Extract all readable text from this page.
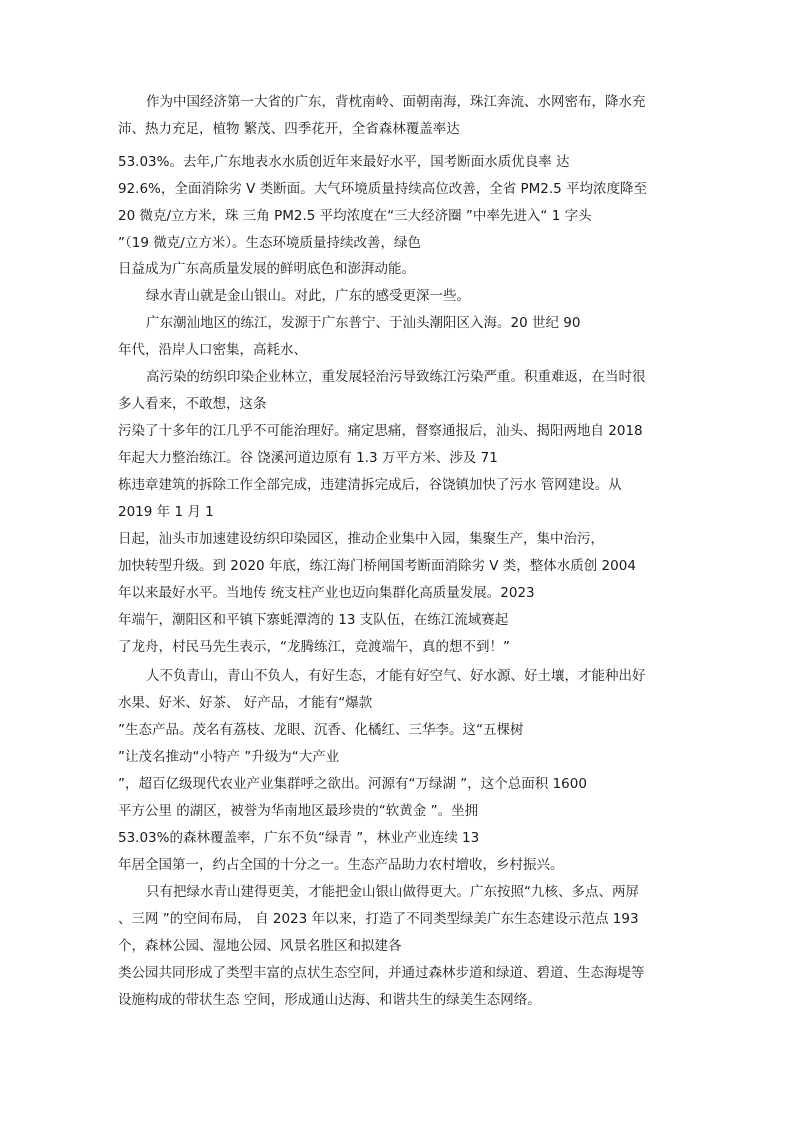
作为中国经济第一大省的广东，背枕南岭、面朝南海，珠江奔流、水网密布，降水充

沛、热力充足，植物 繁茂、四季花开，全省森林覆盖率达

53.03%。去年,广东地表水水质创近年来最好水平，国考断面水质优良率 达

92.6%，全面消除劣 V 类断面。大气环境质量持续高位改善，全省 PM2.5 平均浓度降至

20 微克/立方米，珠 三角 PM2.5 平均浓度在“三大经济圈 ”中率先进入“ 1 字头

”（19 微克/立方米）。生态环境质量持续改善，绿色

日益成为广东高质量发展的鲜明底色和澎湃动能。

绿水青山就是金山银山。对此，广东的感受更深一些。

广东潮汕地区的练江，发源于广东普宁、于汕头潮阳区入海。20 世纪 90

年代，沿岸人口密集，高耗水、

高污染的纺织印染企业林立，重发展轻治污导致练江污染严重。积重难返，在当时很

多人看来，不敢想，这条

污染了十多年的江几乎不可能治理好。痛定思痛，督察通报后，汕头、揭阳两地自 2018

年起大力整治练江。谷 饶溪河道边原有 1.3 万平方米、涉及 71

栋违章建筑的拆除工作全部完成，违建清拆完成后，谷饶镇加快了污水 管网建设。从

2019 年 1 月 1

日起，汕头市加速建设纺织印染园区，推动企业集中入园，集聚生产，集中治污，

加快转型升级。到 2020 年底，练江海门桥闸国考断面消除劣 V 类，整体水质创 2004

年以来最好水平。当地传 统支柱产业也迈向集群化高质量发展。2023

年端午，潮阳区和平镇下寨蚝潭湾的 13 支队伍，在练江流域赛起

了龙舟，村民马先生表示，“龙腾练江，竞渡端午，真的想不到！”

人不负青山，青山不负人，有好生态，才能有好空气、好水源、好土壤，才能种出好

水果、好米、好茶、 好产品，才能有“爆款

”生态产品。茂名有荔枝、龙眼、沉香、化橘红、三华李。这“五棵树

”让茂名推动“小特产 ”升级为“大产业

”，超百亿级现代农业产业集群呼之欲出。河源有“万绿湖 ”，这个总面积 1600

平方公里 的湖区，被誉为华南地区最珍贵的“软黄金 ”。坐拥

53.03%的森林覆盖率，广东不负“绿青 ”，林业产业连续 13

年居全国第一，约占全国的十分之一。生态产品助力农村增收，乡村振兴。

只有把绿水青山建得更美，才能把金山银山做得更大。广东按照“九核、多点、两屏

、三网 ”的空间布局， 自 2023 年以来，打造了不同类型绿美广东生态建设示范点 193

个，森林公园、湿地公园、风景名胜区和拟建各

类公园共同形成了类型丰富的点状生态空间，并通过森林步道和绿道、碧道、生态海堤等

设施构成的带状生态 空间，形成通山达海、和谐共生的绿美生态网络。
